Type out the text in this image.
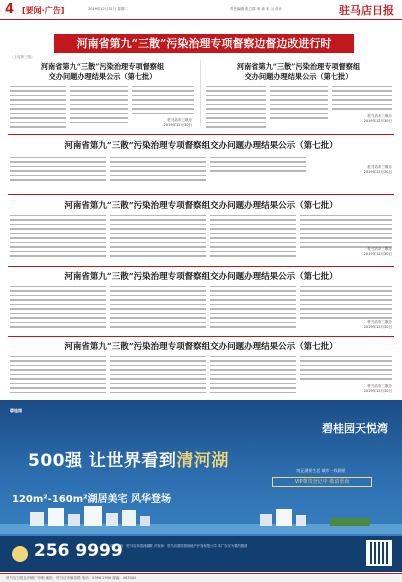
4 [要闻·广告]	2019年12月31日 星期二	责任编辑 张立群 审 读 宋 云 设计	驻马店日报
河南省第九“三散”污染治理专项督察边督边改进行时
（上接第三版）
河南省第九“三散”污染治理专项督察组
交办问题办理结果公示（第七批）
河南省第九“三散”污染治理专项督察组
交办问题办理结果公示（第七批）
驻马店市三散办
2019年12月30日
驻马店市三散办
2019年12月30日
河南省第九“三散”污染治理专项督察组交办问题办理结果公示（第七批）
驻马店市三散办
2019年12月30日
河南省第九“三散”污染治理专项督察组交办问题办理结果公示（第七批）
驻马店市三散办
2019年12月30日
河南省第九“三散”污染治理专项督察组交办问题办理结果公示（第七批）
驻马店市三散办
2019年12月30日
河南省第九“三散”污染治理专项督察组交办问题办理结果公示（第七批）
驻马店市三散办
2019年12月30日
碧桂园
碧桂园天悦湾
500强 让世界看到清河湖	纯正湖景生活 城市一线湖景
VIP尊贵登记中 敬请垂询
120m²-160m²湖居美宅 风华登场
256 9999
项目地址：驻马店市清河湖畔 开发商：驻马店碧桂园房地产开发有限公司 本广告仅为要约邀请
驻马店日报社印刷厂印刷 地址：驻马店市解放路 电话：0396-2956 邮编：463000
